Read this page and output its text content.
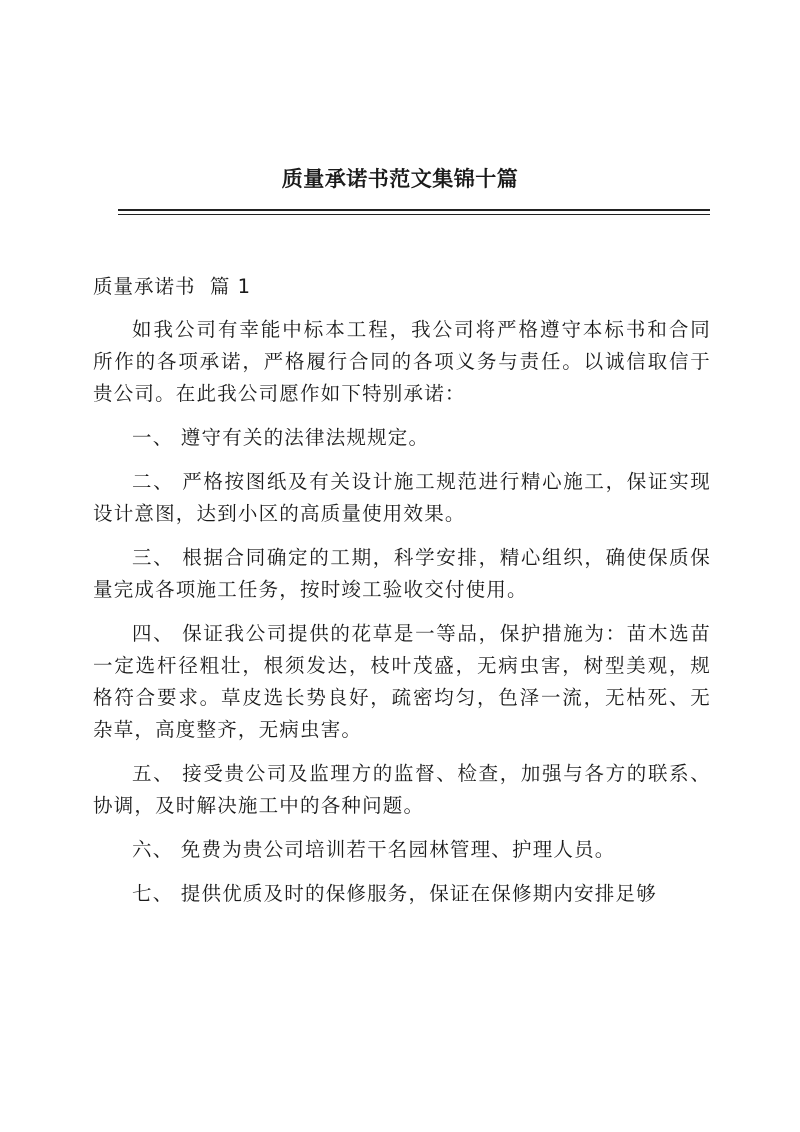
质量承诺书范文集锦十篇
质量承诺书  篇 1

如我公司有幸能中标本工程，我公司将严格遵守本标书和合同所作的各项承诺，严格履行合同的各项义务与责任。以诚信取信于贵公司。在此我公司愿作如下特别承诺：

一、 遵守有关的法律法规规定。

二、 严格按图纸及有关设计施工规范进行精心施工，保证实现设计意图，达到小区的高质量使用效果。

三、 根据合同确定的工期，科学安排，精心组织，确使保质保量完成各项施工任务，按时竣工验收交付使用。

四、 保证我公司提供的花草是一等品，保护措施为：苗木选苗一定选杆径粗壮，根须发达，枝叶茂盛，无病虫害，树型美观，规格符合要求。草皮选长势良好，疏密均匀，色泽一流，无枯死、无杂草，高度整齐，无病虫害。

五、 接受贵公司及监理方的监督、检查，加强与各方的联系、协调，及时解决施工中的各种问题。

六、 免费为贵公司培训若干名园林管理、护理人员。

七、 提供优质及时的保修服务，保证在保修期内安排足够
